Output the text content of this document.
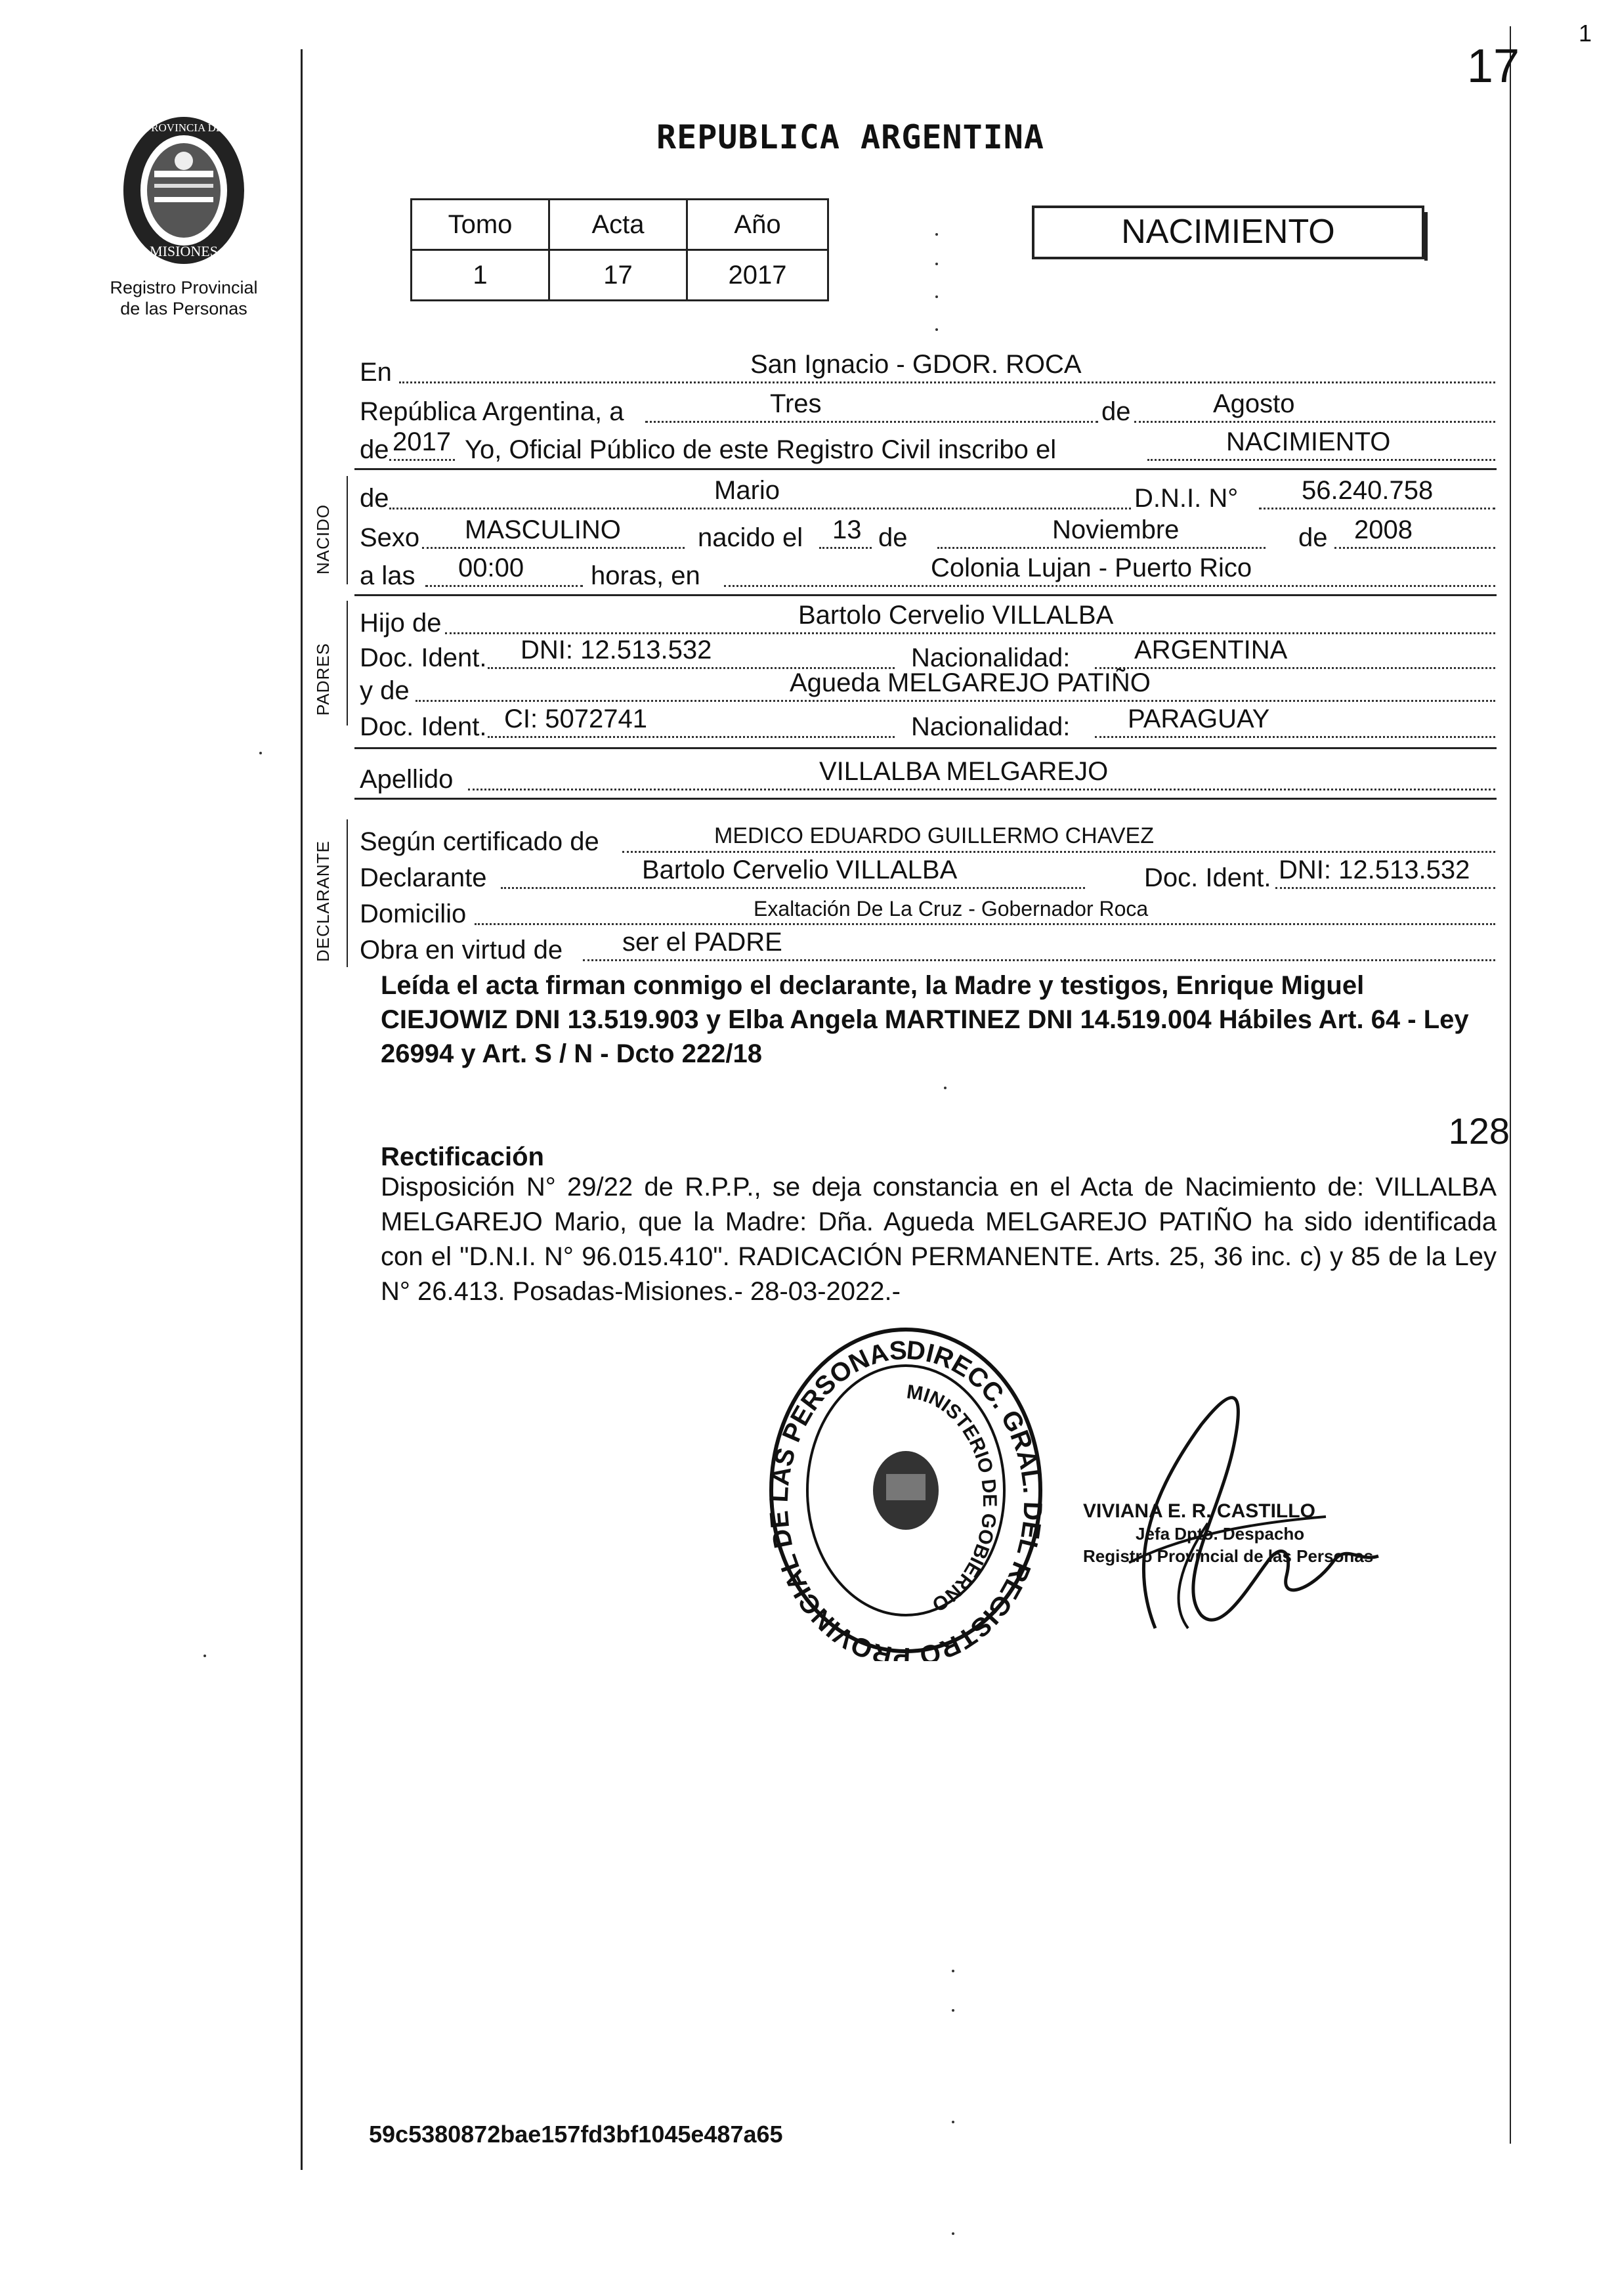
17
1
PROVINCIA DE
MISIONES
Registro Provincial
de las Personas
REPUBLICA ARGENTINA
Tomo	Acta	Año
1	17	2017
NACIMIENTO
En	San Ignacio - GDOR. ROCA
República Argentina, a	Tres	de	Agosto
de 2017 Yo, Oficial Público de este Registro Civil inscribo el	NACIMIENTO
NACIDO
de	Mario	D.N.I. N° 56.240.758
Sexo MASCULINO	nacido el 13 de	Noviembre	de 2008
a las 00:00	horas, en	Colonia Lujan - Puerto Rico
PADRES
Hijo de	Bartolo Cervelio VILLALBA
Doc. Ident. DNI: 12.513.532	Nacionalidad: ARGENTINA
y de	Agueda MELGAREJO PATIÑO
Doc. Ident. CI: 5072741	Nacionalidad: PARAGUAY
Apellido	VILLALBA MELGAREJO
DECLARANTE Según certificado de	MEDICO EDUARDO GUILLERMO CHAVEZ
Declarante	Bartolo Cervelio VILLALBA	Doc. Ident. DNI: 12.513.532
Domicilio	Exaltación De La Cruz - Gobernador Roca
Obra en virtud de ser el PADRE
Leída el acta firman conmigo el declarante, la Madre y testigos, Enrique Miguel CIEJOWIZ DNI 13.519.903 y Elba Angela MARTINEZ DNI 14.519.004 Hábiles Art. 64 - Ley 26994 y Art. S / N - Dcto 222/18
128
Rectificación
Disposición N° 29/22 de R.P.P., se deja constancia en el Acta de Nacimiento de: VILLALBA MELGAREJO Mario, que la Madre: Dña. Agueda MELGAREJO PATIÑO ha sido identificada con el "D.N.I. N° 96.015.410". RADICACIÓN PERMANENTE. Arts. 25, 36 inc. c) y 85 de la Ley N° 26.413. Posadas-Misiones.- 28-03-2022.-
DIRECC. GRAL. DEL REGISTRO PROVINCIAL DE LAS PERSONAS
MINISTERIO DE GOBIERNO
VIVIANA E. R. CASTILLO
Jefa Dpto. Despacho
Registro Provincial de las Personas
59c5380872bae157fd3bf1045e487a65
